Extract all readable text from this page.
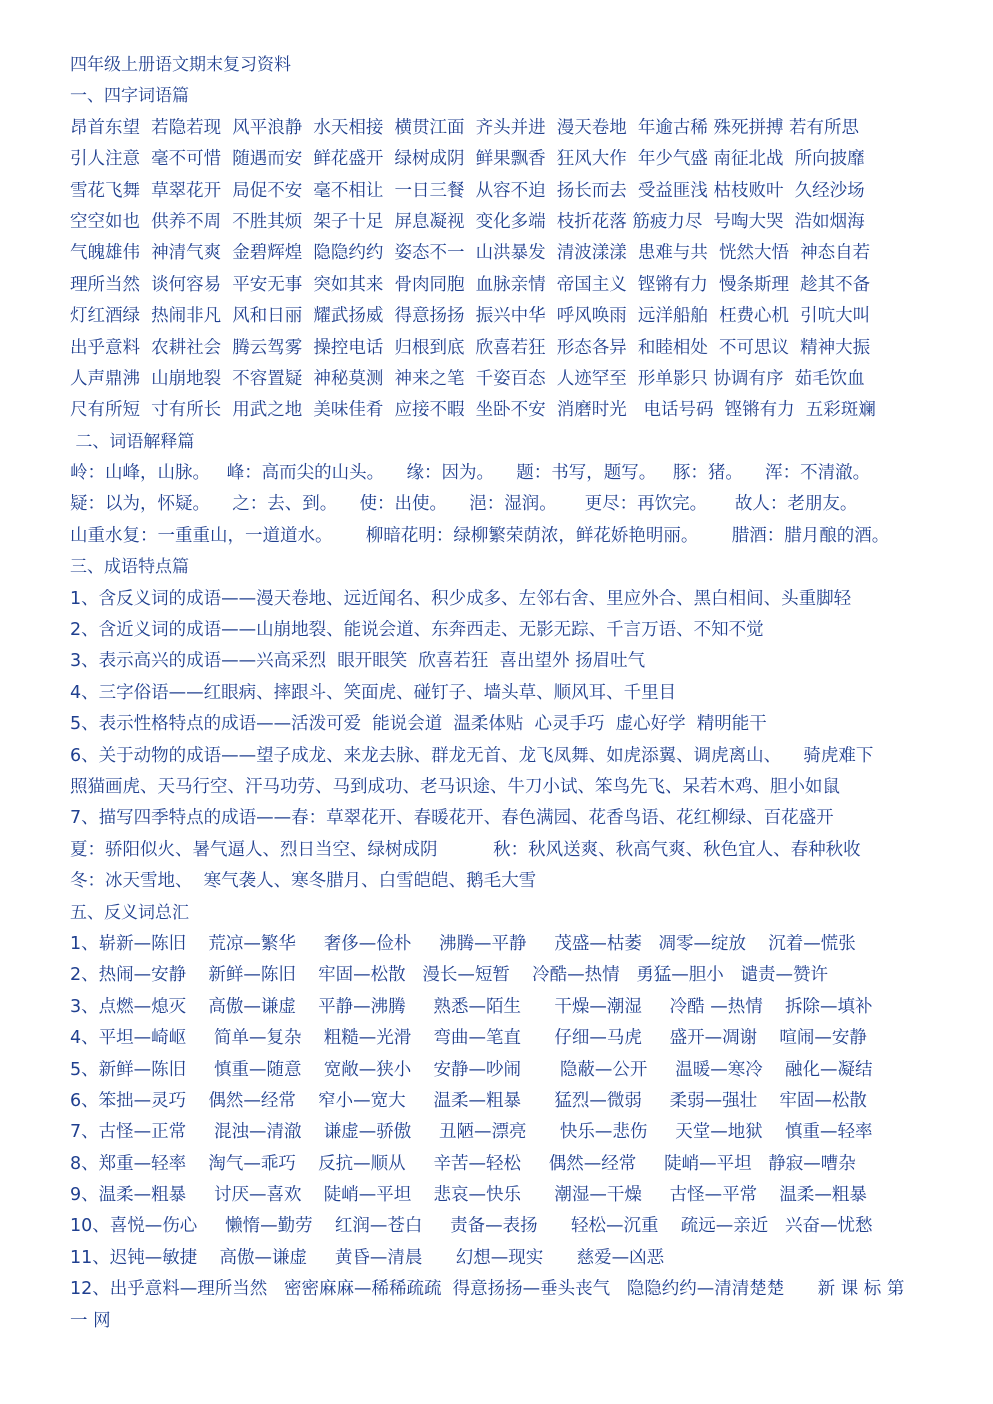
四年级上册语文期末复习资料
一、四字词语篇
昂首东望  若隐若现  风平浪静  水天相接  横贯江面  齐头并进  漫天卷地  年逾古稀 殊死拼搏 若有所思
引人注意  毫不可惜  随遇而安  鲜花盛开  绿树成阴  鲜果飘香  狂风大作  年少气盛 南征北战  所向披靡
雪花飞舞  草翠花开  局促不安  毫不相让  一日三餐  从容不迫  扬长而去  受益匪浅 枯枝败叶  久经沙场
空空如也  供养不周  不胜其烦  架子十足  屏息凝视  变化多端  枝折花落 筋疲力尽  号啕大哭  浩如烟海
气魄雄伟  神清气爽  金碧辉煌  隐隐约约  姿态不一  山洪暴发  清波漾漾  患难与共  恍然大悟  神态自若
理所当然  谈何容易  平安无事  突如其来  骨肉同胞  血脉亲情  帝国主义  铿锵有力  慢条斯理  趁其不备
灯红酒绿  热闹非凡  风和日丽  耀武扬威  得意扬扬  振兴中华  呼风唤雨  远洋船舶  枉费心机  引吭大叫
出乎意料  农耕社会  腾云驾雾  操控电话  归根到底  欣喜若狂  形态各异  和睦相处  不可思议  精神大振
人声鼎沸  山崩地裂  不容置疑  神秘莫测  神来之笔  千姿百态  人迹罕至  形单影只 协调有序  茹毛饮血
尺有所短  寸有所长  用武之地  美味佳肴  应接不暇  坐卧不安  消磨时光   电话号码  铿锵有力  五彩斑斓
二、词语解释篇
岭：山峰，山脉。   峰：高而尖的山头。    缘：因为。    题：书写，题写。   豚：猪。    浑：不清澈。
疑：以为，怀疑。    之：去、到。    使：出使。    浥：湿润。     更尽：再饮完。     故人：老朋友。
山重水复：一重重山，一道道水。      柳暗花明：绿柳繁荣荫浓，鲜花娇艳明丽。      腊酒：腊月酿的酒。
三、成语特点篇
1、含反义词的成语——漫天卷地、远近闻名、积少成多、左邻右舍、里应外合、黑白相间、头重脚轻
2、含近义词的成语——山崩地裂、能说会道、东奔西走、无影无踪、千言万语、不知不觉
3、表示高兴的成语——兴高采烈  眼开眼笑  欣喜若狂  喜出望外 扬眉吐气
4、三字俗语——红眼病、摔跟斗、笑面虎、碰钉子、墙头草、顺风耳、千里目
5、表示性格特点的成语——活泼可爱  能说会道  温柔体贴  心灵手巧  虚心好学  精明能干
6、关于动物的成语——望子成龙、来龙去脉、群龙无首、龙飞凤舞、如虎添翼、调虎离山、    骑虎难下
照猫画虎、天马行空、汗马功劳、马到成功、老马识途、牛刀小试、笨鸟先飞、呆若木鸡、胆小如鼠
7、描写四季特点的成语——春：草翠花开、春暖花开、春色满园、花香鸟语、花红柳绿、百花盛开
夏：骄阳似火、暑气逼人、烈日当空、绿树成阴          秋：秋风送爽、秋高气爽、秋色宜人、春种秋收
冬：冰天雪地、  寒气袭人、寒冬腊月、白雪皑皑、鹅毛大雪
五、反义词总汇
1、崭新—陈旧    荒凉—繁华     奢侈—俭朴     沸腾—平静     茂盛—枯萎   凋零—绽放    沉着—慌张
2、热闹—安静    新鲜—陈旧    牢固—松散   漫长—短暂    冷酷—热情   勇猛—胆小   谴责—赞许
3、点燃—熄灭    高傲—谦虚    平静—沸腾     熟悉—陌生      干燥—潮湿     冷酷 —热情    拆除—填补
4、平坦—崎岖     简单—复杂    粗糙—光滑    弯曲—笔直      仔细—马虎     盛开—凋谢    喧闹—安静
5、新鲜—陈旧     慎重—随意    宽敞—狭小    安静—吵闹       隐蔽—公开     温暖—寒冷    融化—凝结
6、笨拙—灵巧    偶然—经常    窄小—宽大     温柔—粗暴      猛烈—微弱     柔弱—强壮    牢固—松散
7、古怪—正常     混浊—清澈    谦虚—骄傲     丑陋—漂亮      快乐—悲伤     天堂—地狱    慎重—轻率
8、郑重—轻率    淘气—乖巧    反抗—顺从     辛苦—轻松     偶然—经常     陡峭—平坦   静寂—嘈杂
9、温柔—粗暴     讨厌—喜欢    陡峭—平坦    悲哀—快乐      潮湿—干燥     古怪—平常    温柔—粗暴
10、喜悦—伤心     懒惰—勤劳    红润—苍白     责备—表扬      轻松—沉重    疏远—亲近   兴奋—忧愁
11、迟钝—敏捷    高傲—谦虚     黄昏—清晨      幻想—现实      慈爱—凶恶
12、出乎意料—理所当然   密密麻麻—稀稀疏疏  得意扬扬—垂头丧气   隐隐约约—清清楚楚      新 课 标 第
一 网
